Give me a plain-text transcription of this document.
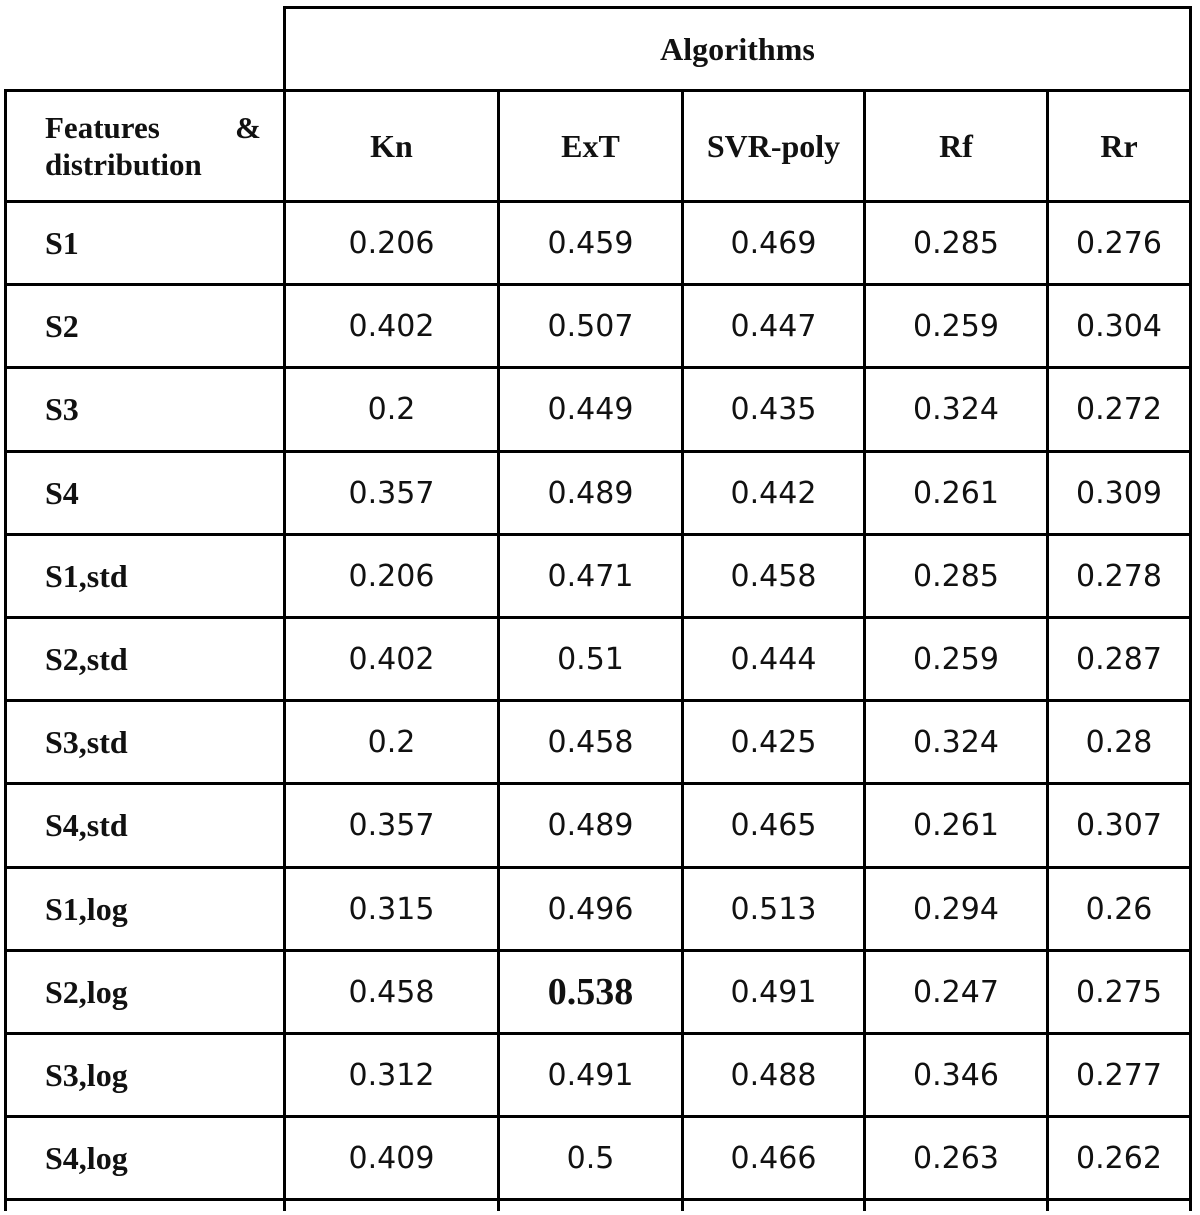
Algorithms
Features &
distribution
Kn	ExT	SVR-poly	Rf	Rr
S1	0.206	0.459	0.469	0.285	0.276
S2	0.402	0.507	0.447	0.259	0.304
S3	0.2	0.449	0.435	0.324	0.272
S4	0.357	0.489	0.442	0.261	0.309
S1,std	0.206	0.471	0.458	0.285	0.278
S2,std	0.402	0.51	0.444	0.259	0.287
S3,std	0.2	0.458	0.425	0.324	0.28
S4,std	0.357	0.489	0.465	0.261	0.307
S1,log	0.315	0.496	0.513	0.294	0.26
S2,log	0.458	0.538	0.491	0.247	0.275
S3,log	0.312	0.491	0.488	0.346	0.277
S4,log	0.409	0.5	0.466	0.263	0.262
